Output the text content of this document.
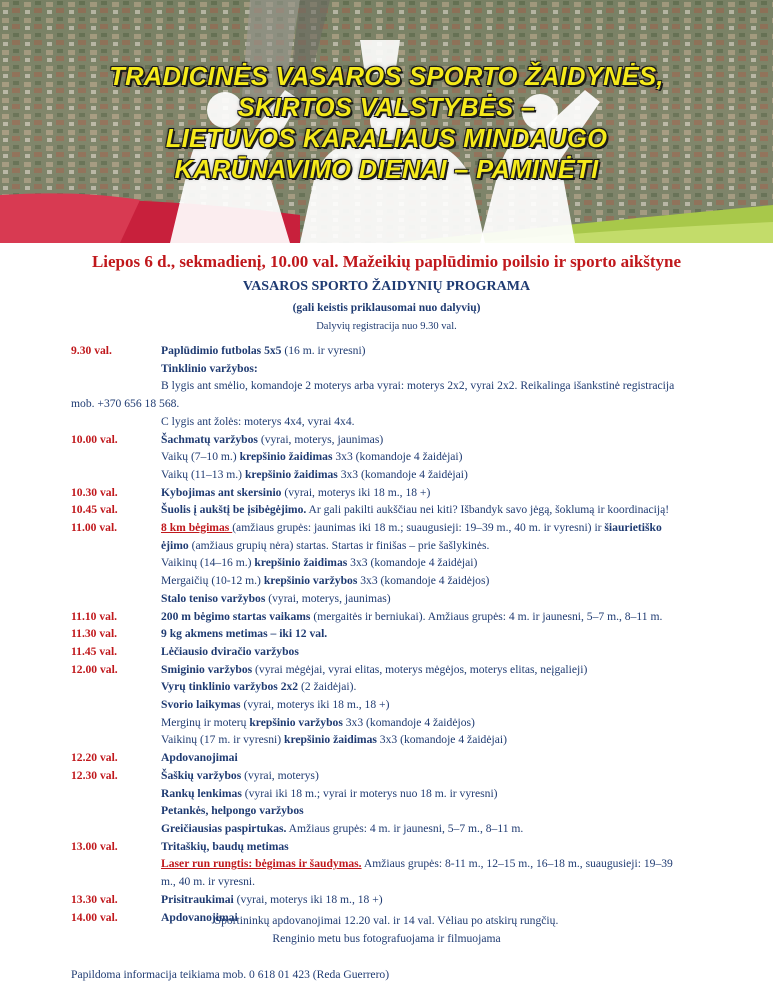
TRADICINĖS VASAROS SPORTO ŽAIDYNĖS,
SKIRTOS VALSTYBĖS –
LIETUVOS KARALIAUS MINDAUGO
KARŪNAVIMO DIENAI – PAMINĖTI
Liepos 6 d., sekmadienį, 10.00 val. Mažeikių paplūdimio poilsio ir sporto aikštyne
VASAROS SPORTO ŽAIDYNIŲ PROGRAMA
(gali keistis priklausomai nuo dalyvių)
Dalyvių registracija nuo 9.30 val.
9.30 val.	Paplūdimio futbolas 5x5 (16 m. ir vyresni)
Tinklinio varžybos:
B lygis ant smėlio, komandoje 2 moterys arba vyrai: moterys 2x2, vyrai 2x2. Reikalinga išankstinė registracija
mob. +370 656 18 568.
C lygis ant žolės: moterys 4x4, vyrai 4x4.
10.00 val.	Šachmatų varžybos (vyrai, moterys, jaunimas)
Vaikų (7–10 m.) krepšinio žaidimas 3x3 (komandoje 4 žaidėjai)
Vaikų (11–13 m.) krepšinio žaidimas 3x3 (komandoje 4 žaidėjai)
10.30 val.	Kybojimas ant skersinio (vyrai, moterys iki 18 m., 18 +)
10.45 val.	Šuolis į aukštį be įsibėgėjimo. Ar gali pakilti aukščiau nei kiti? Išbandyk savo jėgą, šoklumą ir koordinaciją!
11.00 val.	8 km bėgimas (amžiaus grupės: jaunimas iki 18 m.; suaugusieji: 19–39 m., 40 m. ir vyresni) ir šiaurietiško
ėjimo (amžiaus grupių nėra) startas. Startas ir finišas – prie šašlykinės.
Vaikinų (14–16 m.) krepšinio žaidimas 3x3 (komandoje 4 žaidėjai)
Mergaičių (10-12 m.) krepšinio varžybos 3x3 (komandoje 4 žaidėjos)
Stalo teniso varžybos (vyrai, moterys, jaunimas)
11.10 val.	200 m bėgimo startas vaikams (mergaitės ir berniukai). Amžiaus grupės: 4 m. ir jaunesni, 5–7 m., 8–11 m.
11.30 val.	9 kg akmens metimas – iki 12 val.
11.45 val.	Lėčiausio dviračio varžybos
12.00 val.	Smiginio varžybos (vyrai mėgėjai, vyrai elitas, moterys mėgėjos, moterys elitas, neįgalieji)
Vyrų tinklinio varžybos 2x2 (2 žaidėjai).
Svorio laikymas (vyrai, moterys iki 18 m., 18 +)
Merginų ir moterų krepšinio varžybos 3x3 (komandoje 4 žaidėjos)
Vaikinų (17 m. ir vyresni) krepšinio žaidimas 3x3 (komandoje 4 žaidėjai)
12.20 val.	Apdovanojimai
12.30 val.	Šaškių varžybos (vyrai, moterys)
Rankų lenkimas (vyrai iki 18 m.; vyrai ir moterys nuo 18 m. ir vyresni)
Petankės, helpongo varžybos
Greičiausias paspirtukas. Amžiaus grupės: 4 m. ir jaunesni, 5–7 m., 8–11 m.
13.00 val.	Tritaškių, baudų metimas
Laser run rungtis: bėgimas ir šaudymas. Amžiaus grupės: 8-11 m., 12–15 m., 16–18 m., suaugusieji: 19–39
m., 40 m. ir vyresni.
13.30 val.	Prisitraukimai (vyrai, moterys iki 18 m., 18 +)
14.00 val.	Apdovanojimai
Sportininkų apdovanojimai 12.20 val. ir 14 val. Vėliau po atskirų rungčių.
Renginio metu bus fotografuojama ir filmuojama
Papildoma informacija teikiama mob. 0 618 01 423 (Reda Guerrero)
